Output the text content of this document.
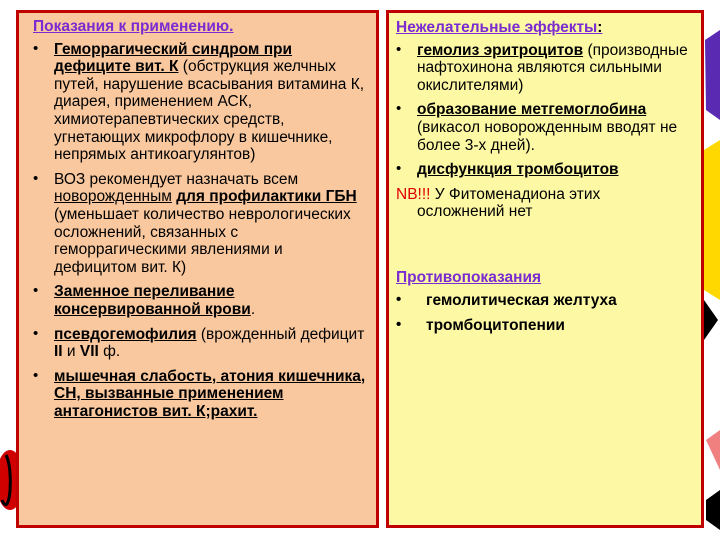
Показания к применению.
• Геморрагический синдром при дефиците вит. К (обструкция желчных путей, нарушение всасывания витамина К, диарея, применением АСК, химиотерапевтических средств, угнетающих микрофлору в кишечнике, непрямых антикоагулянтов)
• ВОЗ рекомендует назначать всем новорожденным для профилактики ГБН (уменьшает количество неврологических осложнений, связанных с геморрагическими явлениями и дефицитом вит. К)
• Заменное переливание консервированной крови.
• псевдогемофилия (врожденный дефицит II и VII ф.
• мышечная слабость, атония кишечника, СН, вызванные применением антагонистов вит. К;рахит.
Нежелательные эффекты:
• гемолиз эритроцитов (производные нафтохинона являются сильными окислителями)
• образование метгемоглобина (викасол новорожденным вводят не более 3-х дней).
• дисфункция тромбоцитов
NB!!! У Фитоменадиона этих
осложнений нет
Противопоказания
• гемолитическая желтуха
• тромбоцитопении
